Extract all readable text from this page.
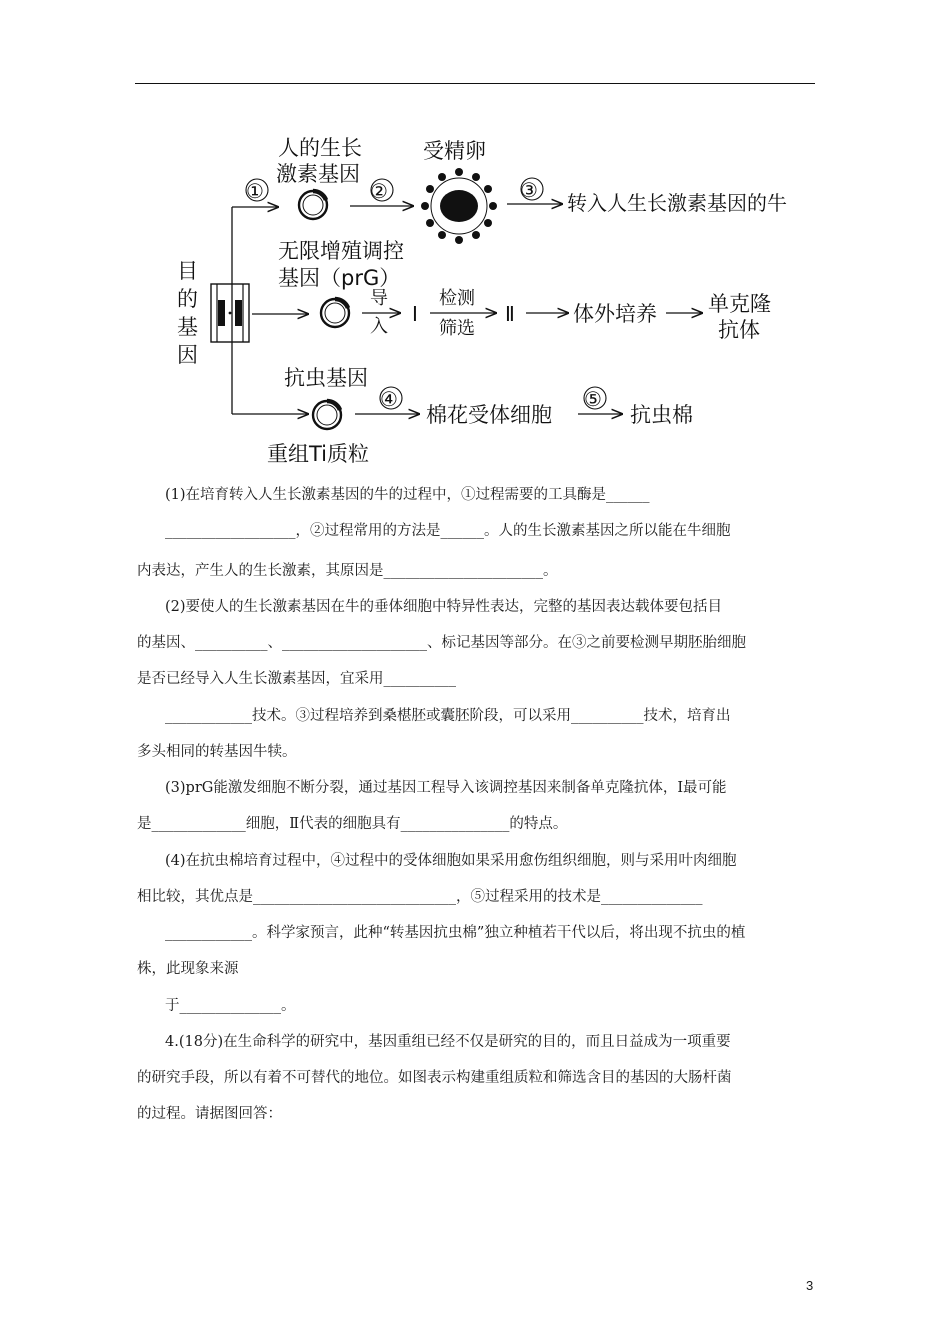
目
的
基
因
①
人的生长
激素基因
②
受精卵
③
转入人生长激素基因的牛
无限增殖调控
基因（prG）
导
入
Ⅰ
检测
筛选
Ⅱ	体外培养 单克隆
抗体
抗虫基因
重组Ti质粒
④
棉花受体细胞
⑤
抗虫棉
(1)在培育转入人生长激素基因的牛的过程中，①过程需要的工具酶是______
__________________，②过程常用的方法是______。人的生长激素基因之所以能在牛细胞
内表达，产生人的生长激素，其原因是______________________。
(2)要使人的生长激素基因在牛的垂体细胞中特异性表达，完整的基因表达载体要包括目
的基因、__________、____________________、标记基因等部分。在③之前要检测早期胚胎细胞
是否已经导入人生长激素基因，宜采用__________
____________技术。③过程培养到桑椹胚或囊胚阶段，可以采用__________技术，培育出
多头相同的转基因牛犊。
(3)prG能激发细胞不断分裂，通过基因工程导入该调控基因来制备单克隆抗体，Ⅰ最可能
是_____________细胞，Ⅱ代表的细胞具有_______________的特点。
(4)在抗虫棉培育过程中，④过程中的受体细胞如果采用愈伤组织细胞，则与采用叶肉细胞
相比较，其优点是____________________________，⑤过程采用的技术是______________
____________。科学家预言，此种“转基因抗虫棉”独立种植若干代以后，将出现不抗虫的植
株，此现象来源
于______________。
4.(18分)在生命科学的研究中，基因重组已经不仅是研究的目的，而且日益成为一项重要
的研究手段，所以有着不可替代的地位。如图表示构建重组质粒和筛选含目的基因的大肠杆菌
的过程。请据图回答：
3
